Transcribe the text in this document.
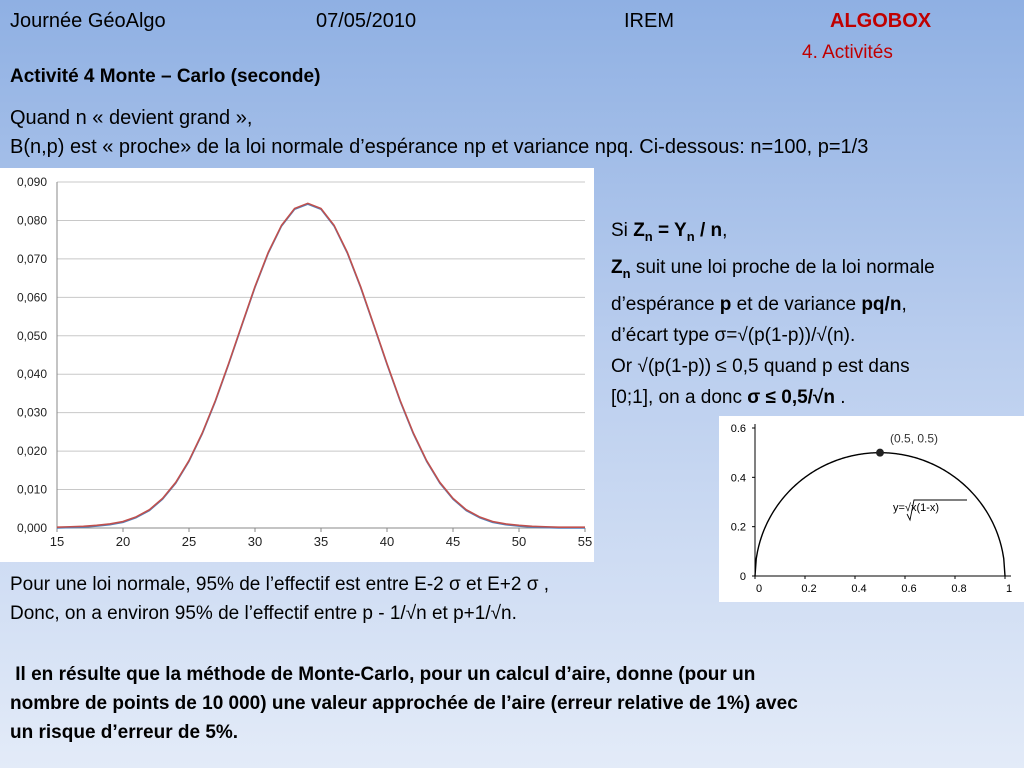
Journée GéoAlgo	07/05/2010	IREM	ALGOBOX
4. Activités
Activité 4 Monte – Carlo (seconde)
Quand n « devient grand »,
B(n,p) est « proche» de la loi normale d’espérance np et variance npq. Ci-dessous: n=100, p=1/3
0,000
0,010
0,020
0,030
0,040
0,050
0,060
0,070
0,080
0,090
15	20	25	30	35	40	45	50	55
Si $Z_n = Y_n / n$,
$Z_n$ suit une loi proche de la loi normale
d’espérance p et de variance pq/n,
d’écart type σ=√(p(1-p))/√(n).
Or √(p(1-p)) ≤ 0,5 quand p est dans
[0;1], on a donc σ ≤ 0,5/√n .
0
0.2
0.4
0.6
0	0.2	0.4	0.6	0.8	1
(0.5, 0.5)
y=√x(1-x)
Pour une loi normale, 95% de l’effectif est entre E-2 σ et E+2 σ ,
Donc, on a environ 95% de l’effectif entre p - 1/√n et p+1/√n.
Il en résulte que la méthode de Monte-Carlo, pour un calcul d’aire, donne (pour un
nombre de points de 10 000) une valeur approchée de l’aire (erreur relative de 1%) avec
un risque d’erreur de 5%.
